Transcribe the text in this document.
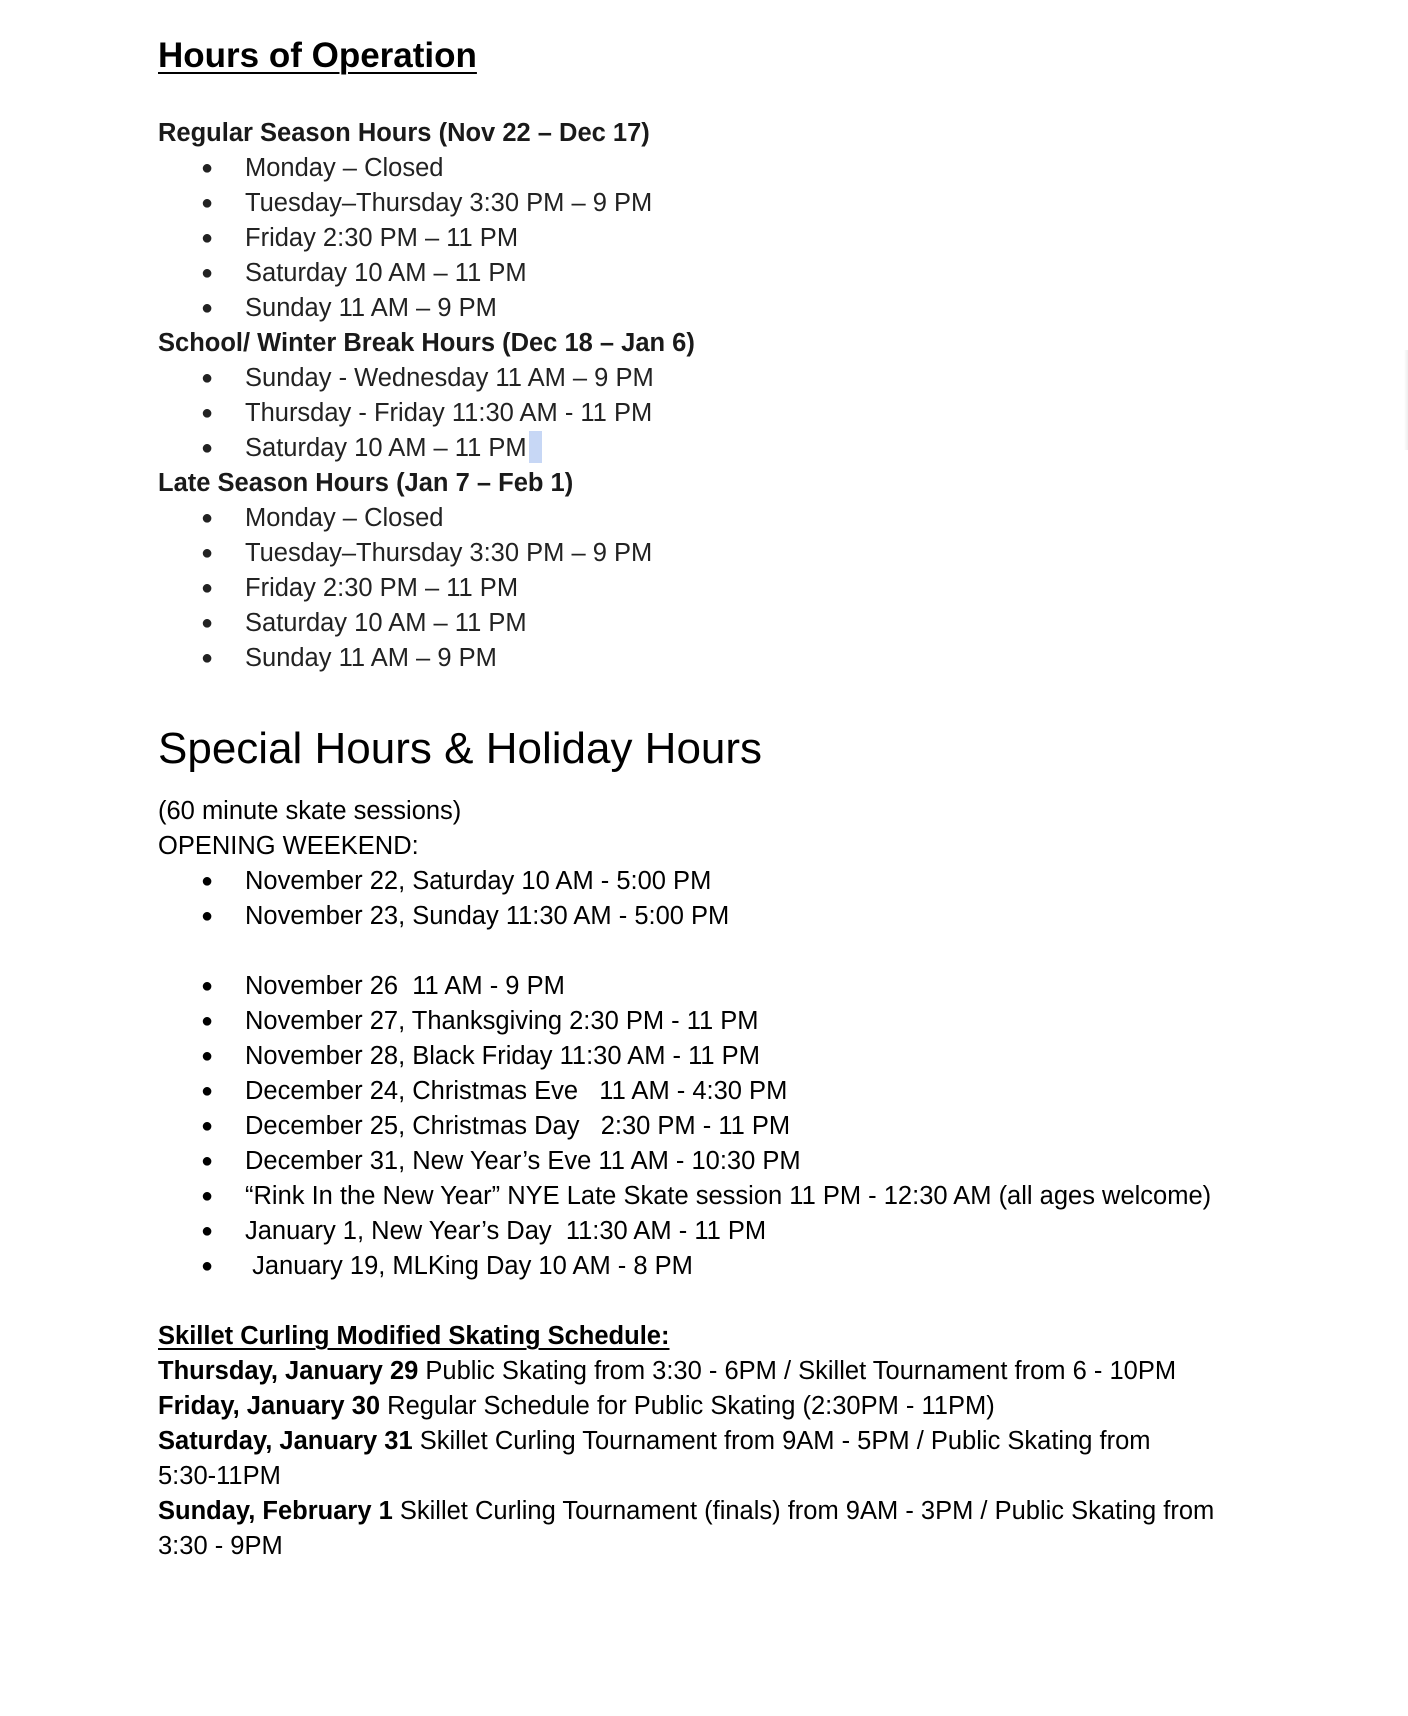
Hours of Operation
Regular Season Hours (Nov 22 – Dec 17)
● Monday – Closed
● Tuesday–Thursday 3:30 PM – 9 PM
● Friday 2:30 PM – 11 PM
● Saturday 10 AM – 11 PM
● Sunday 11 AM – 9 PM
School/ Winter Break Hours (Dec 18 – Jan 6)
● Sunday - Wednesday 11 AM – 9 PM
● Thursday - Friday 11:30 AM - 11 PM
● Saturday 10 AM – 11 PM
Late Season Hours (Jan 7 – Feb 1)
● Monday – Closed
● Tuesday–Thursday 3:30 PM – 9 PM
● Friday 2:30 PM – 11 PM
● Saturday 10 AM – 11 PM
● Sunday 11 AM – 9 PM
Special Hours & Holiday Hours
(60 minute skate sessions)
OPENING WEEKEND:
● November 22, Saturday 10 AM - 5:00 PM
● November 23, Sunday 11:30 AM - 5:00 PM
● November 26  11 AM - 9 PM
● November 27, Thanksgiving 2:30 PM - 11 PM
● November 28, Black Friday 11:30 AM - 11 PM
● December 24, Christmas Eve   11 AM - 4:30 PM
● December 25, Christmas Day   2:30 PM - 11 PM
● December 31, New Year’s Eve 11 AM - 10:30 PM
● “Rink In the New Year” NYE Late Skate session 11 PM - 12:30 AM (all ages welcome)
● January 1, New Year’s Day  11:30 AM - 11 PM
● January 19, MLKing Day 10 AM - 8 PM
Skillet Curling Modified Skating Schedule:
Thursday, January 29 Public Skating from 3:30 - 6PM / Skillet Tournament from 6 - 10PM
Friday, January 30 Regular Schedule for Public Skating (2:30PM - 11PM)
Saturday, January 31 Skillet Curling Tournament from 9AM - 5PM / Public Skating from
5:30-11PM
Sunday, February 1 Skillet Curling Tournament (finals) from 9AM - 3PM / Public Skating from
3:30 - 9PM
